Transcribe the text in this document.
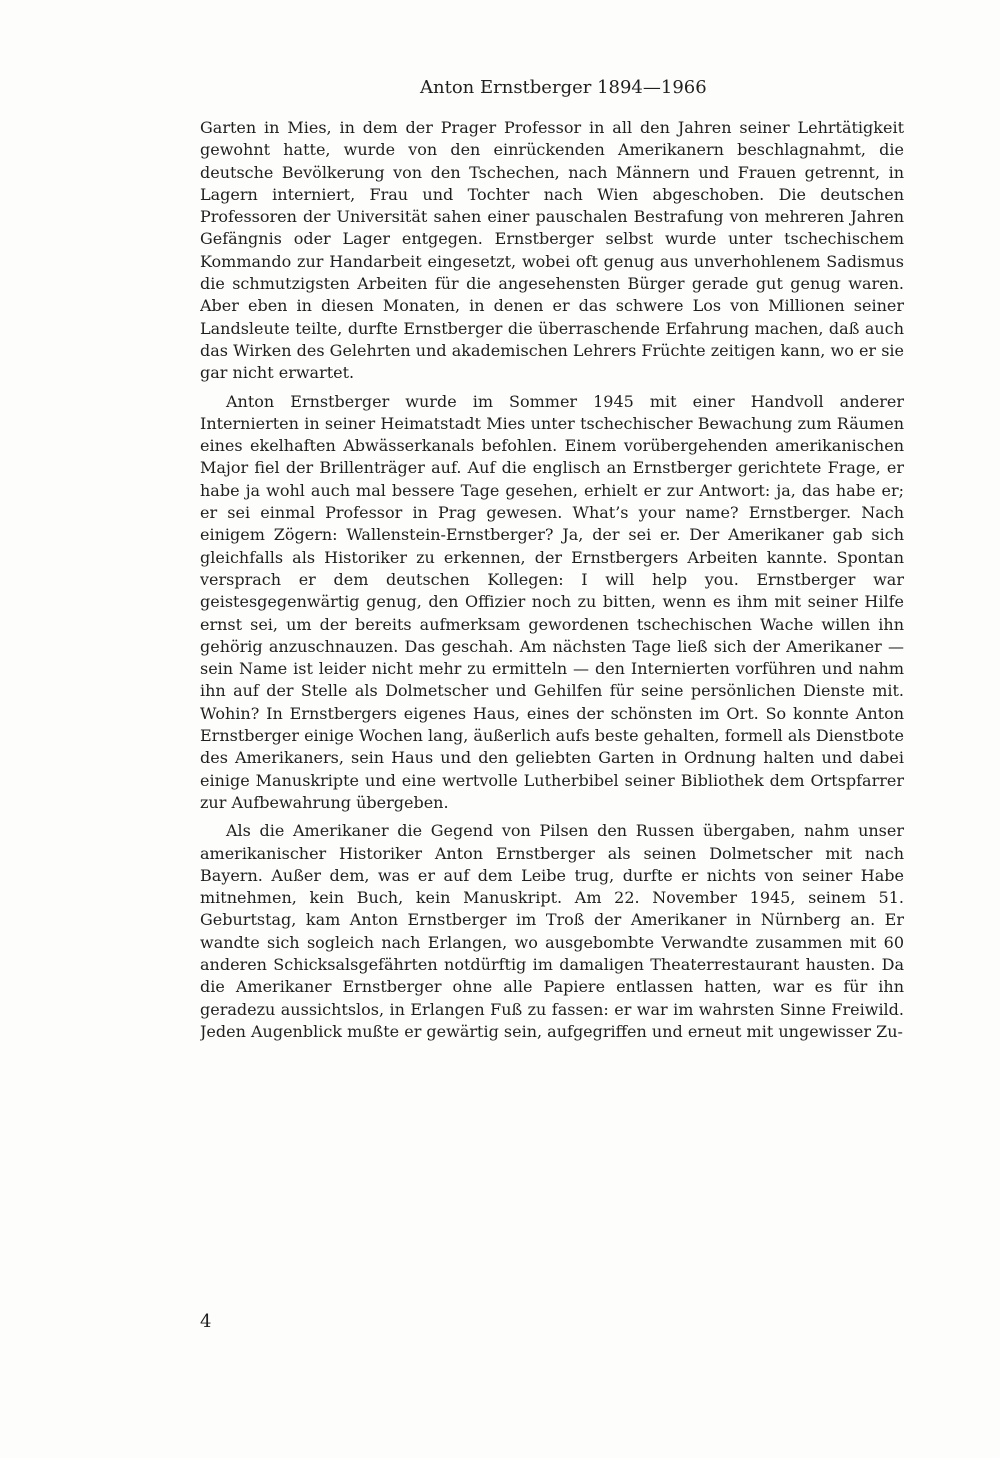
Anton Ernstberger 1894—1966

Garten in Mies, in dem der Prager Professor in all den Jahren seiner Lehrtätigkeit gewohnt hatte, wurde von den einrückenden Amerikanern beschlagnahmt, die deutsche Bevölkerung von den Tschechen, nach Männern und Frauen getrennt, in Lagern interniert, Frau und Tochter nach Wien abgeschoben. Die deutschen Professoren der Universität sahen einer pauschalen Bestrafung von mehreren Jahren Gefängnis oder Lager entgegen. Ernstberger selbst wurde unter tschechischem Kommando zur Handarbeit eingesetzt, wobei oft genug aus unverhohlenem Sadismus die schmutzigsten Arbeiten für die angesehensten Bürger gerade gut genug waren. Aber eben in diesen Monaten, in denen er das schwere Los von Millionen seiner Landsleute teilte, durfte Ernstberger die überraschende Erfahrung machen, daß auch das Wirken des Gelehrten und akademischen Lehrers Früchte zeitigen kann, wo er sie gar nicht erwartet.

Anton Ernstberger wurde im Sommer 1945 mit einer Handvoll anderer Internierten in seiner Heimatstadt Mies unter tschechischer Bewachung zum Räumen eines ekelhaften Abwässerkanals befohlen. Einem vorübergehenden amerikanischen Major fiel der Brillenträger auf. Auf die englisch an Ernstberger gerichtete Frage, er habe ja wohl auch mal bessere Tage gesehen, erhielt er zur Antwort: ja, das habe er; er sei einmal Professor in Prag gewesen. What’s your name? Ernstberger. Nach einigem Zögern: Wallenstein-Ernstberger? Ja, der sei er. Der Amerikaner gab sich gleichfalls als Historiker zu erkennen, der Ernstbergers Arbeiten kannte. Spontan versprach er dem deutschen Kollegen: I will help you. Ernstberger war geistesgegenwärtig genug, den Offizier noch zu bitten, wenn es ihm mit seiner Hilfe ernst sei, um der bereits aufmerksam gewordenen tschechischen Wache willen ihn gehörig anzuschnauzen. Das geschah. Am nächsten Tage ließ sich der Amerikaner — sein Name ist leider nicht mehr zu ermitteln — den Internierten vorführen und nahm ihn auf der Stelle als Dolmetscher und Gehilfen für seine persönlichen Dienste mit. Wohin? In Ernstbergers eigenes Haus, eines der schönsten im Ort. So konnte Anton Ernstberger einige Wochen lang, äußerlich aufs beste gehalten, formell als Dienstbote des Amerikaners, sein Haus und den geliebten Garten in Ordnung halten und dabei einige Manuskripte und eine wertvolle Lutherbibel seiner Bibliothek dem Ortspfarrer zur Aufbewahrung übergeben.

Als die Amerikaner die Gegend von Pilsen den Russen übergaben, nahm unser amerikanischer Historiker Anton Ernstberger als seinen Dolmetscher mit nach Bayern. Außer dem, was er auf dem Leibe trug, durfte er nichts von seiner Habe mitnehmen, kein Buch, kein Manuskript. Am 22. November 1945, seinem 51. Geburtstag, kam Anton Ernstberger im Troß der Amerikaner in Nürnberg an. Er wandte sich sogleich nach Erlangen, wo ausgebombte Verwandte zusammen mit 60 anderen Schicksalsgefährten notdürftig im damaligen Theaterrestaurant hausten. Da die Amerikaner Ernstberger ohne alle Papiere entlassen hatten, war es für ihn geradezu aussichtslos, in Erlangen Fuß zu fassen: er war im wahrsten Sinne Freiwild. Jeden Augenblick mußte er gewärtig sein, aufgegriffen und erneut mit ungewisser Zu-

4
